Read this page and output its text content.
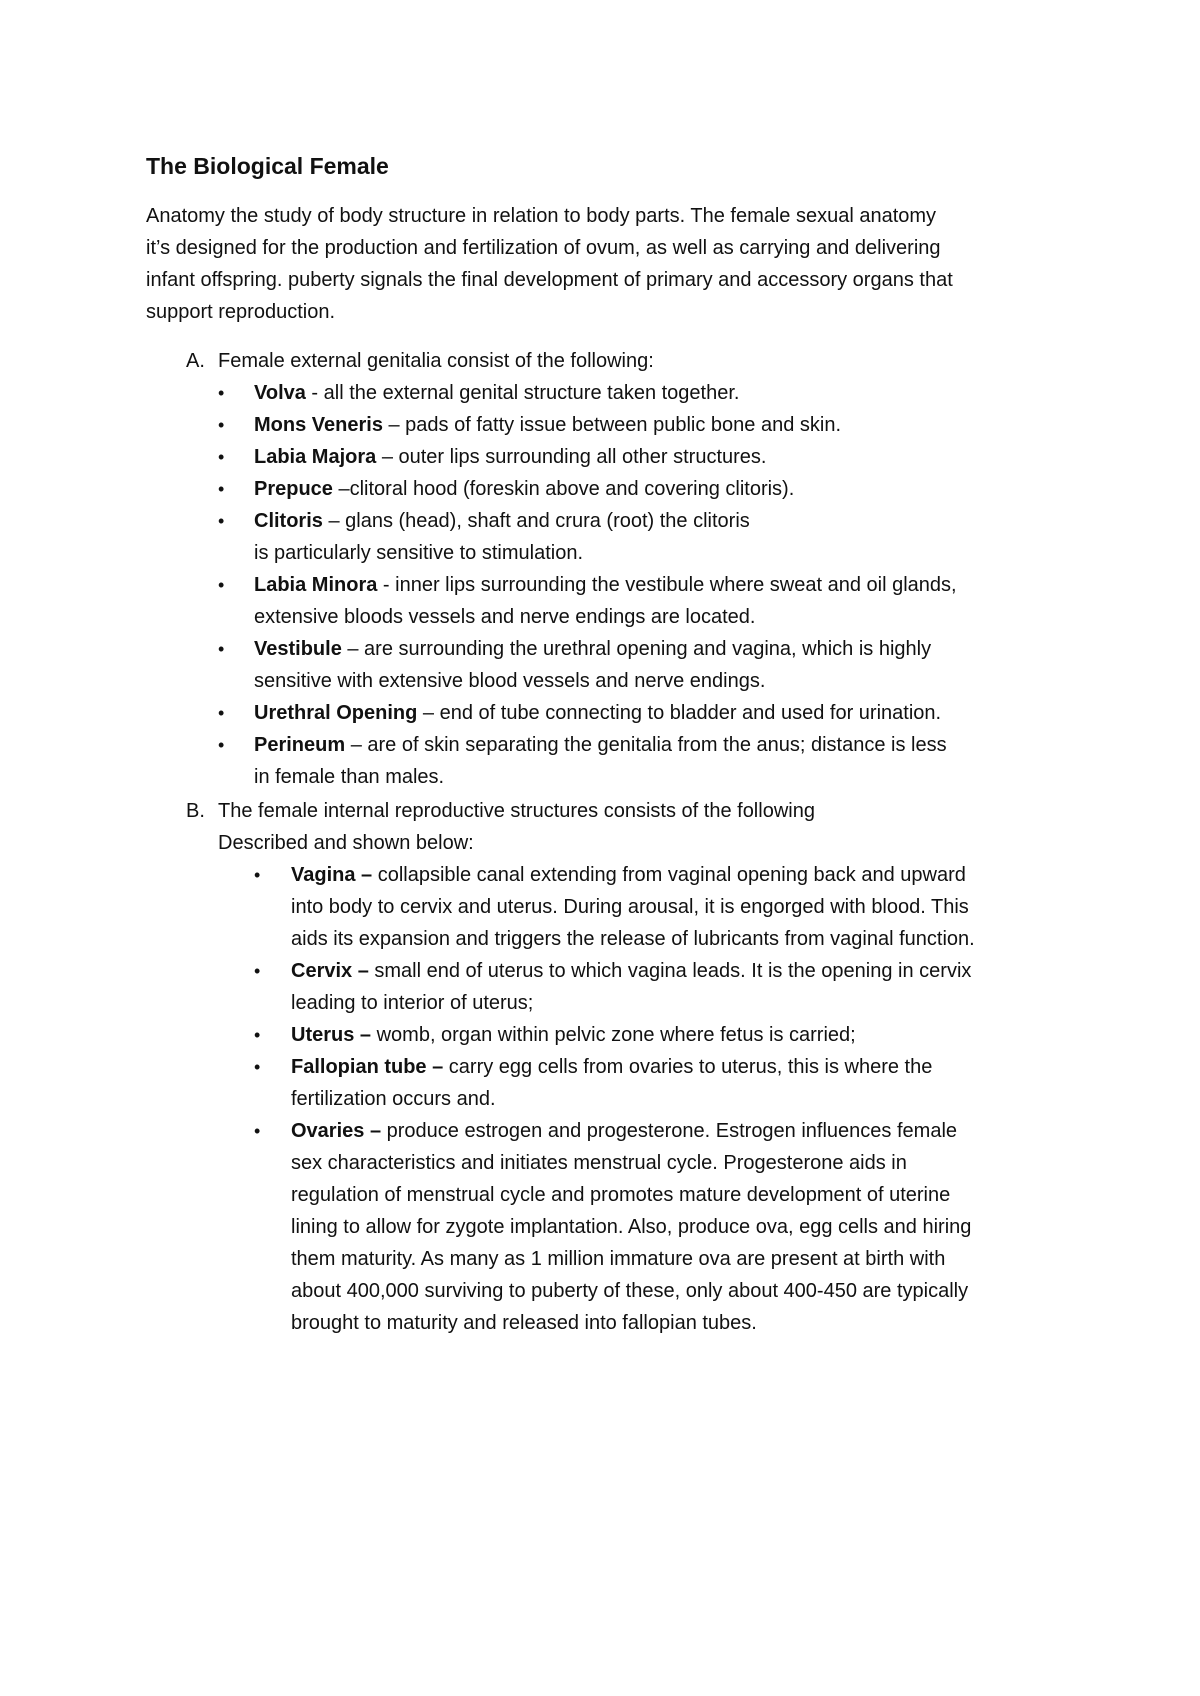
The Biological Female

Anatomy the study of body structure in relation to body parts. The female sexual anatomy
it’s designed for the production and fertilization of ovum, as well as carrying and delivering
infant offspring. puberty signals the final development of primary and accessory organs that
support reproduction.

A. Female external genitalia consist of the following:
• Volva - all the external genital structure taken together.
• Mons Veneris – pads of fatty issue between public bone and skin.
• Labia Majora – outer lips surrounding all other structures.
• Prepuce –clitoral hood (foreskin above and covering clitoris).
• Clitoris – glans (head), shaft and crura (root) the clitoris
is particularly sensitive to stimulation.
• Labia Minora - inner lips surrounding the vestibule where sweat and oil glands,
extensive bloods vessels and nerve endings are located.
• Vestibule – are surrounding the urethral opening and vagina, which is highly
sensitive with extensive blood vessels and nerve endings.
• Urethral Opening – end of tube connecting to bladder and used for urination.
• Perineum – are of skin separating the genitalia from the anus; distance is less
in female than males.
B. The female internal reproductive structures consists of the following
Described and shown below:
• Vagina – collapsible canal extending from vaginal opening back and upward
into body to cervix and uterus. During arousal, it is engorged with blood. This
aids its expansion and triggers the release of lubricants from vaginal function.
• Cervix – small end of uterus to which vagina leads. It is the opening in cervix
leading to interior of uterus;
• Uterus – womb, organ within pelvic zone where fetus is carried;
• Fallopian tube – carry egg cells from ovaries to uterus, this is where the
fertilization occurs and.
• Ovaries – produce estrogen and progesterone. Estrogen influences female
sex characteristics and initiates menstrual cycle. Progesterone aids in
regulation of menstrual cycle and promotes mature development of uterine
lining to allow for zygote implantation. Also, produce ova, egg cells and hiring
them maturity. As many as 1 million immature ova are present at birth with
about 400,000 surviving to puberty of these, only about 400-450 are typically
brought to maturity and released into fallopian tubes.
